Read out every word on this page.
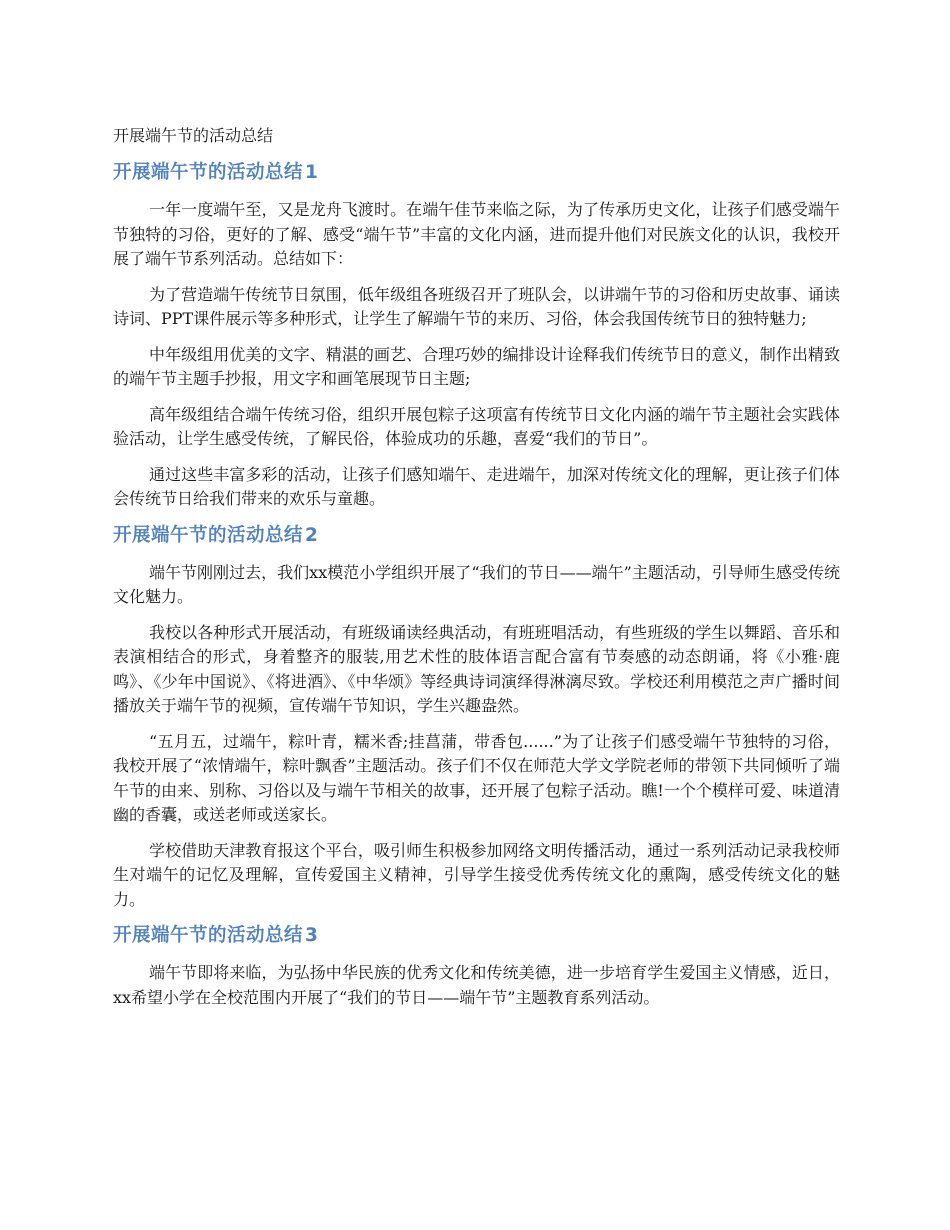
开展端午节的活动总结
开展端午节的活动总结 1

一年一度端午至，又是龙舟飞渡时。在端午佳节来临之际，为了传承历史文化，让孩子们感受端午节独特的习俗，更好的了解、感受“端午节”丰富的文化内涵，进而提升他们对民族文化的认识，我校开展了端午节系列活动。总结如下：

为了营造端午传统节日氛围，低年级组各班级召开了班队会，以讲端午节的习俗和历史故事、诵读诗词、PPT课件展示等多种形式，让学生了解端午节的来历、习俗，体会我国传统节日的独特魅力;

中年级组用优美的文字、精湛的画艺、合理巧妙的编排设计诠释我们传统节日的意义，制作出精致的端午节主题手抄报，用文字和画笔展现节日主题;

高年级组结合端午传统习俗，组织开展包粽子这项富有传统节日文化内涵的端午节主题社会实践体验活动，让学生感受传统，了解民俗，体验成功的乐趣，喜爱“我们的节日”。

通过这些丰富多彩的活动，让孩子们感知端午、走进端午，加深对传统文化的理解，更让孩子们体会传统节日给我们带来的欢乐与童趣。

开展端午节的活动总结 2

端午节刚刚过去，我们xx模范小学组织开展了“我们的节日——端午”主题活动，引导师生感受传统文化魅力。

我校以各种形式开展活动，有班级诵读经典活动，有班班唱活动，有些班级的学生以舞蹈、音乐和表演相结合的形式，身着整齐的服装,用艺术性的肢体语言配合富有节奏感的动态朗诵，将《小雅·鹿鸣》、《少年中国说》、《将进酒》、《中华颂》等经典诗词演绎得淋漓尽致。学校还利用模范之声广播时间播放关于端午节的视频，宣传端午节知识，学生兴趣盎然。

“五月五，过端午，粽叶青，糯米香;挂菖蒲，带香包......”为了让孩子们感受端午节独特的习俗，我校开展了“浓情端午，粽叶飘香”主题活动。孩子们不仅在师范大学文学院老师的带领下共同倾听了端午节的由来、别称、习俗以及与端午节相关的故事，还开展了包粽子活动。瞧!一个个模样可爱、味道清幽的香囊，或送老师或送家长。

学校借助天津教育报这个平台，吸引师生积极参加网络文明传播活动，通过一系列活动记录我校师生对端午的记忆及理解，宣传爱国主义精神，引导学生接受优秀传统文化的熏陶，感受传统文化的魅力。

开展端午节的活动总结 3

端午节即将来临，为弘扬中华民族的优秀文化和传统美德，进一步培育学生爱国主义情感，近日，xx希望小学在全校范围内开展了“我们的节日——端午节”主题教育系列活动。
